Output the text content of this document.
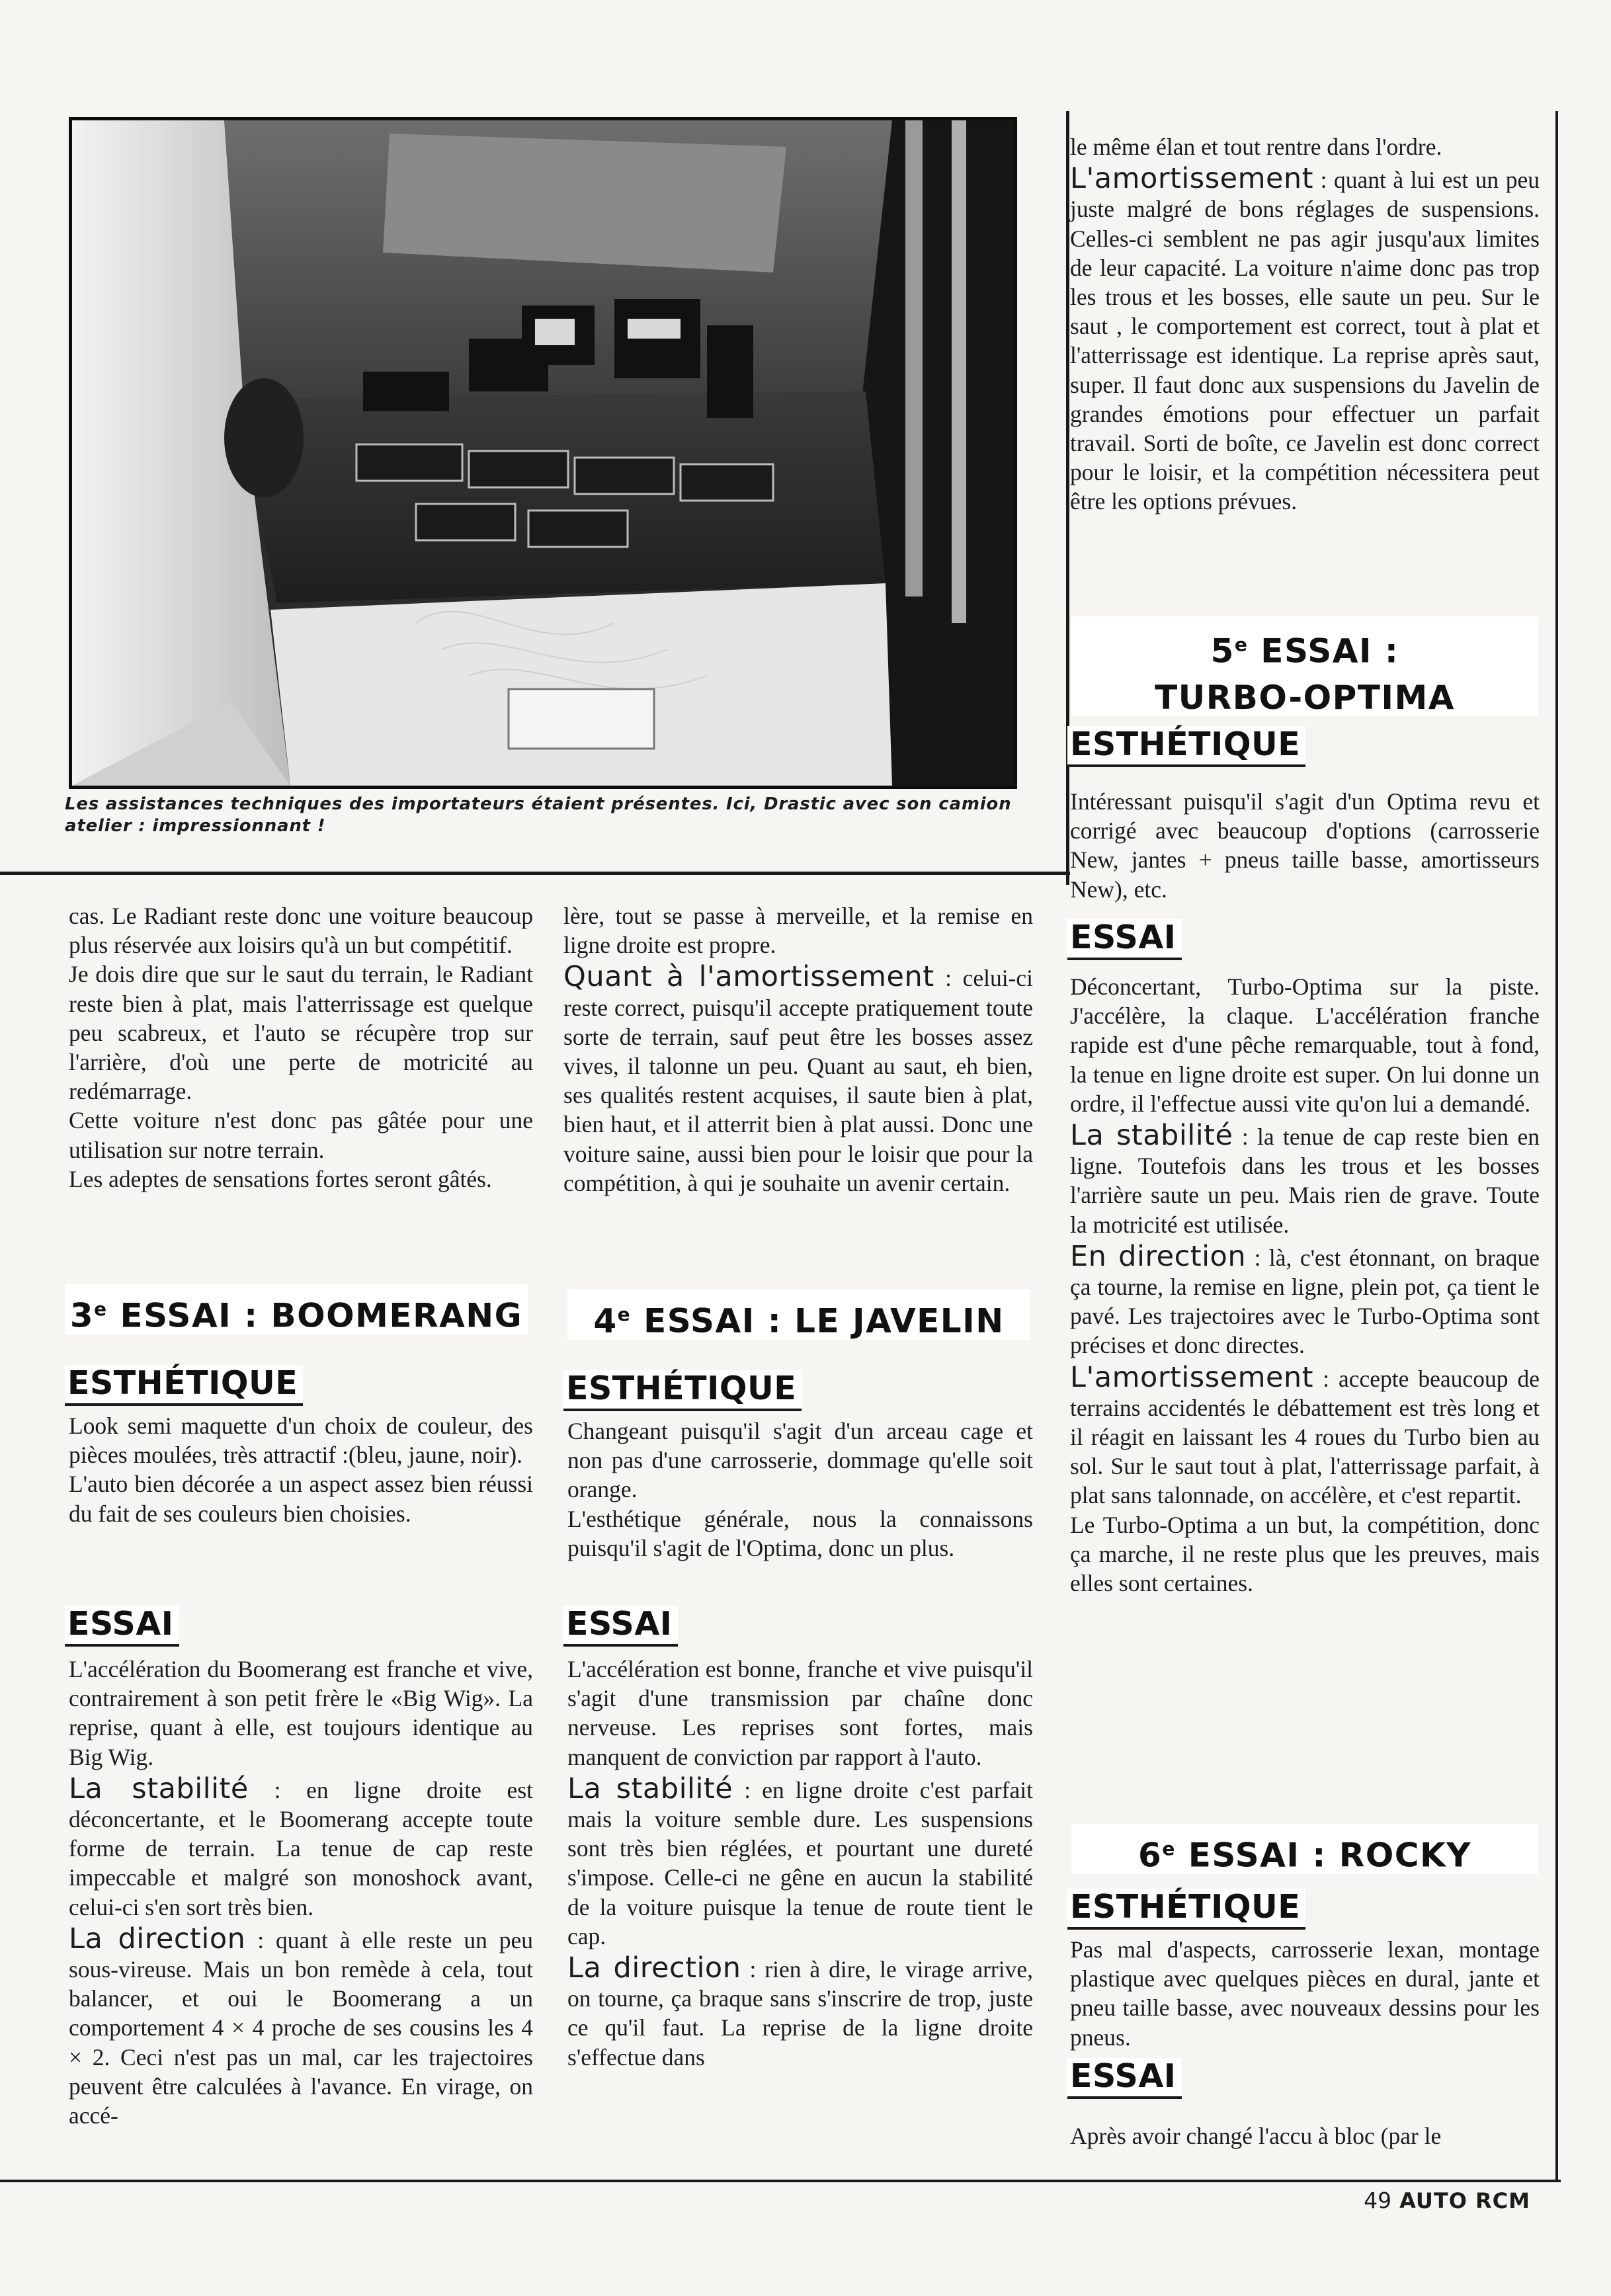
Les assistances techniques des importateurs étaient présentes. Ici, Drastic avec son camion atelier : impressionnant !

cas. Le Radiant reste donc une voiture beaucoup plus réservée aux loisirs qu'à un but compétitif.

Je dois dire que sur le saut du terrain, le Radiant reste bien à plat, mais l'atterrissage est quelque peu scabreux, et l'auto se récupère trop sur l'arrière, d'où une perte de motricité au redémarrage.

Cette voiture n'est donc pas gâtée pour une utilisation sur notre terrain.

Les adeptes de sensations fortes seront gâtés.

3e ESSAI : BOOMERANG
ESTHÉTIQUE

Look semi maquette d'un choix de couleur, des pièces moulées, très attractif :(bleu, jaune, noir).

L'auto bien décorée a un aspect assez bien réussi du fait de ses couleurs bien choisies.

ESSAI

L'accélération du Boomerang est franche et vive, contrairement à son petit frère le «Big Wig». La reprise, quant à elle, est toujours identique au Big Wig.

La stabilité : en ligne droite est déconcertante, et le Boomerang accepte toute forme de terrain. La tenue de cap reste impeccable et malgré son monoshock avant, celui-ci s'en sort très bien.

La direction : quant à elle reste un peu sous-vireuse. Mais un bon remède à cela, tout balancer, et oui le Boomerang a un comportement 4 × 4 proche de ses cousins les 4 × 2. Ceci n'est pas un mal, car les trajectoires peuvent être calculées à l'avance. En virage, on accé-

lère, tout se passe à merveille, et la remise en ligne droite est propre.

Quant à l'amortissement : celui-ci reste correct, puisqu'il accepte pratiquement toute sorte de terrain, sauf peut être les bosses assez vives, il talonne un peu. Quant au saut, eh bien, ses qualités restent acquises, il saute bien à plat, bien haut, et il atterrit bien à plat aussi. Donc une voiture saine, aussi bien pour le loisir que pour la compétition, à qui je souhaite un avenir certain.

4e ESSAI : LE JAVELIN
ESTHÉTIQUE

Changeant puisqu'il s'agit d'un arceau cage et non pas d'une carrosserie, dommage qu'elle soit orange.

L'esthétique générale, nous la connaissons puisqu'il s'agit de l'Optima, donc un plus.

ESSAI

L'accélération est bonne, franche et vive puisqu'il s'agit d'une transmission par chaîne donc nerveuse. Les reprises sont fortes, mais manquent de conviction par rapport à l'auto.

La stabilité : en ligne droite c'est parfait mais la voiture semble dure. Les suspensions sont très bien réglées, et pourtant une dureté s'impose. Celle-ci ne gêne en aucun la stabilité de la voiture puisque la tenue de route tient le cap.

La direction : rien à dire, le virage arrive, on tourne, ça braque sans s'inscrire de trop, juste ce qu'il faut. La reprise de la ligne droite s'effectue dans

le même élan et tout rentre dans l'ordre.

L'amortissement : quant à lui est un peu juste malgré de bons réglages de suspensions. Celles-ci semblent ne pas agir jusqu'aux limites de leur capacité. La voiture n'aime donc pas trop les trous et les bosses, elle saute un peu. Sur le saut , le comportement est correct, tout à plat et l'atterrissage est identique. La reprise après saut, super. Il faut donc aux suspensions du Javelin de grandes émotions pour effectuer un parfait travail. Sorti de boîte, ce Javelin est donc correct pour le loisir, et la compétition nécessitera peut être les options prévues.

5e ESSAI :
TURBO-OPTIMA
ESTHÉTIQUE

Intéressant puisqu'il s'agit d'un Optima revu et corrigé avec beaucoup d'options (carrosserie New, jantes + pneus taille basse, amortisseurs New), etc.

ESSAI

Déconcertant, Turbo-Optima sur la piste. J'accélère, la claque. L'accélération franche rapide est d'une pêche remarquable, tout à fond, la tenue en ligne droite est super. On lui donne un ordre, il l'effectue aussi vite qu'on lui a demandé.

La stabilité : la tenue de cap reste bien en ligne. Toutefois dans les trous et les bosses l'arrière saute un peu. Mais rien de grave. Toute la motricité est utilisée.

En direction : là, c'est étonnant, on braque ça tourne, la remise en ligne, plein pot, ça tient le pavé. Les trajectoires avec le Turbo-Optima sont précises et donc directes.

L'amortissement : accepte beaucoup de terrains accidentés le débattement est très long et il réagit en laissant les 4 roues du Turbo bien au sol. Sur le saut tout à plat, l'atterrissage parfait, à plat sans talonnade, on accélère, et c'est repartit.

Le Turbo-Optima a un but, la compétition, donc ça marche, il ne reste plus que les preuves, mais elles sont certaines.

6e ESSAI : ROCKY
ESTHÉTIQUE

Pas mal d'aspects, carrosserie lexan, montage plastique avec quelques pièces en dural, jante et pneu taille basse, avec nouveaux dessins pour les pneus.

ESSAI

Après avoir changé l'accu à bloc (par le

49 AUTO RCM
